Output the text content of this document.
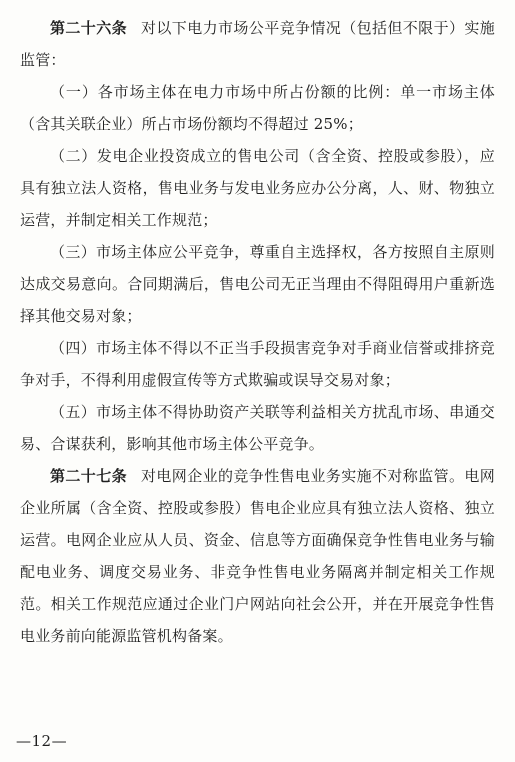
第二十六条 对以下电力市场公平竞争情况（包括但不限于）实施监管：

（一）各市场主体在电力市场中所占份额的比例：单一市场主体（含其关联企业）所占市场份额均不得超过 25%；

（二）发电企业投资成立的售电公司（含全资、控股或参股），应具有独立法人资格，售电业务与发电业务应办公分离，人、财、物独立运营，并制定相关工作规范；

（三）市场主体应公平竞争，尊重自主选择权，各方按照自主原则达成交易意向。合同期满后，售电公司无正当理由不得阻碍用户重新选择其他交易对象；

（四）市场主体不得以不正当手段损害竞争对手商业信誉或排挤竞争对手，不得利用虚假宣传等方式欺骗或误导交易对象；

（五）市场主体不得协助资产关联等利益相关方扰乱市场、串通交易、合谋获利，影响其他市场主体公平竞争。

第二十七条 对电网企业的竞争性售电业务实施不对称监管。电网企业所属（含全资、控股或参股）售电企业应具有独立法人资格、独立运营。电网企业应从人员、资金、信息等方面确保竞争性售电业务与输配电业务、调度交易业务、非竞争性售电业务隔离并制定相关工作规范。相关工作规范应通过企业门户网站向社会公开，并在开展竞争性售电业务前向能源监管机构备案。

—12—
